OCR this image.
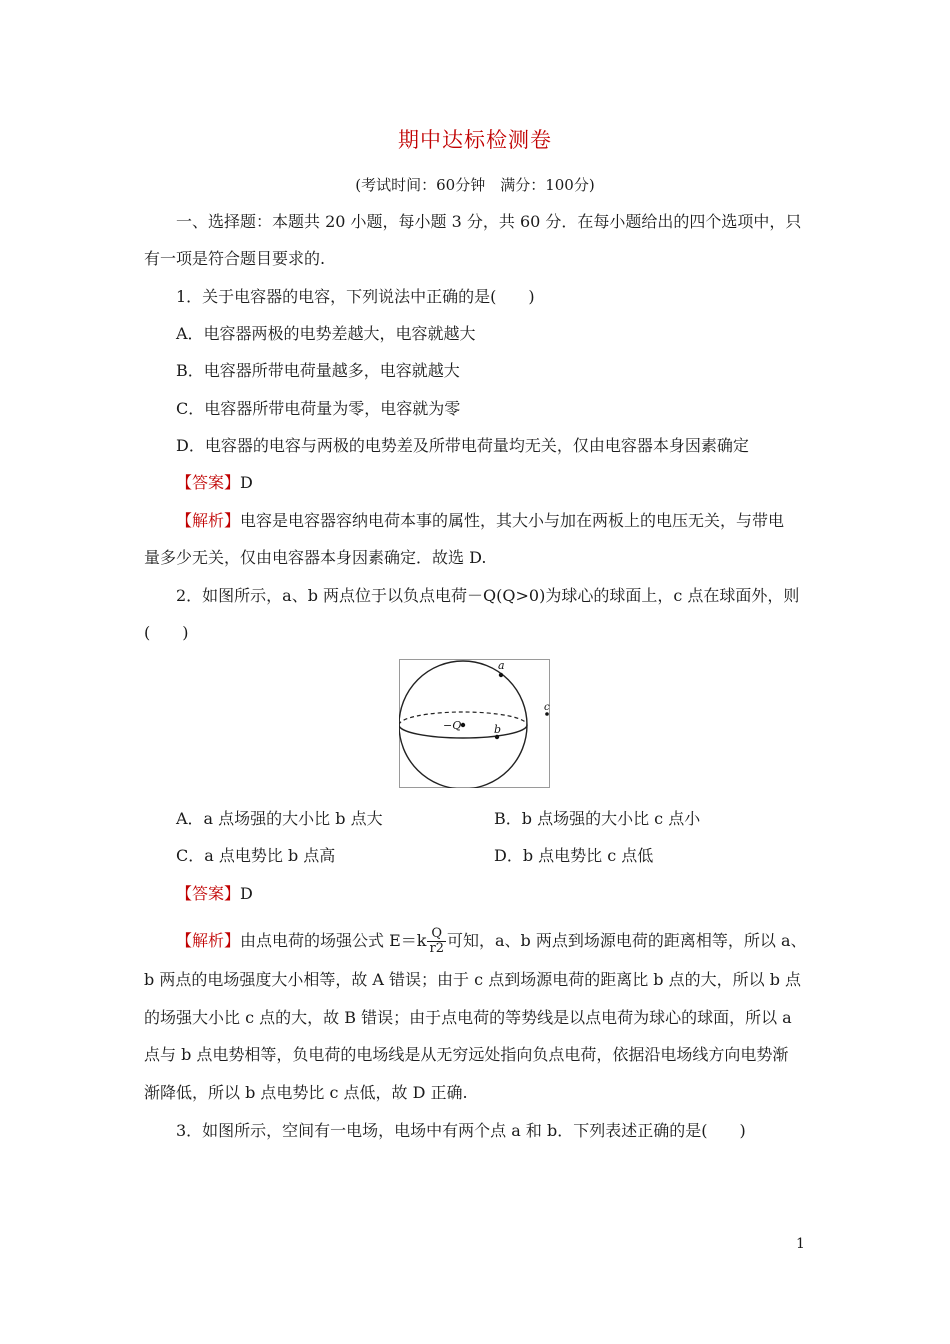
期中达标检测卷
(考试时间：60分钟　满分：100分)
一、选择题：本题共 20 小题，每小题 3 分，共 60 分．在每小题给出的四个选项中，只
有一项是符合题目要求的.
1．关于电容器的电容，下列说法中正确的是(　　)
A．电容器两极的电势差越大，电容就越大
B．电容器所带电荷量越多，电容就越大
C．电容器所带电荷量为零，电容就为零
D．电容器的电容与两极的电势差及所带电荷量均无关，仅由电容器本身因素确定
【答案】D
【解析】电容是电容器容纳电荷本事的属性，其大小与加在两板上的电压无关，与带电
量多少无关，仅由电容器本身因素确定．故选 D.
2．如图所示，a、b 两点位于以负点电荷－Q(Q>0)为球心的球面上，c 点在球面外，则
(　　)
−Q
a
b
c
A．a 点场强的大小比 b 点大	B．b 点场强的大小比 c 点小
C．a 点电势比 b 点高	D．b 点电势比 c 点低
【答案】D
【解析】由点电荷的场强公式 $E=k \frac{Q}{r2}$ 可知，a、b 两点到场源电荷的距离相等，所以 a、
b 两点的电场强度大小相等，故 A 错误；由于 c 点到场源电荷的距离比 b 点的大，所以 b 点
的场强大小比 c 点的大，故 B 错误；由于点电荷的等势线是以点电荷为球心的球面，所以 a
点与 b 点电势相等，负电荷的电场线是从无穷远处指向负点电荷，依据沿电场线方向电势渐
渐降低，所以 b 点电势比 c 点低，故 D 正确.
3．如图所示，空间有一电场，电场中有两个点 a 和 b．下列表述正确的是(　　)
1
